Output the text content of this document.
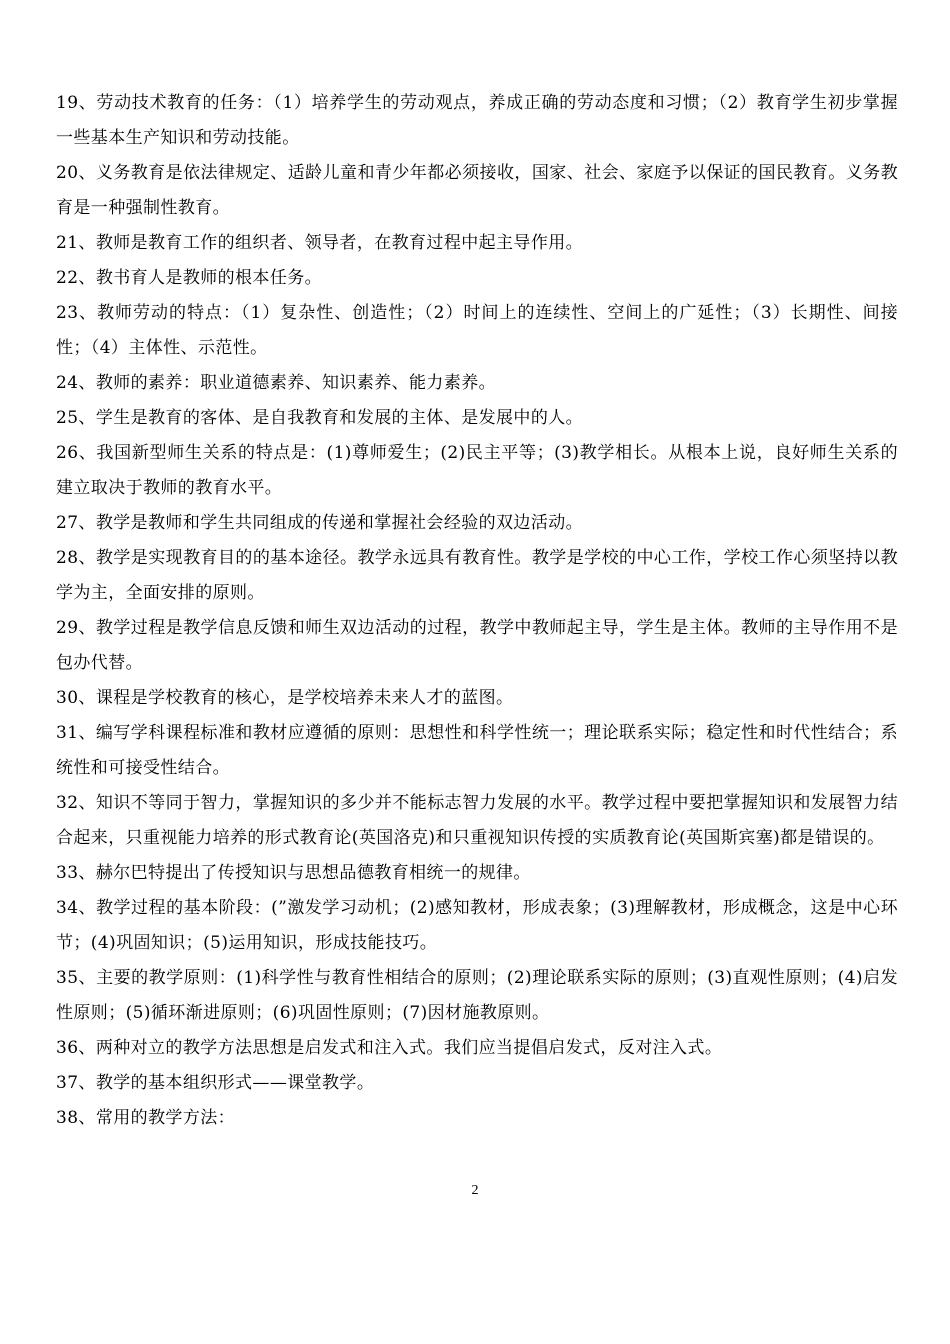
19、劳动技术教育的任务：（1）培养学生的劳动观点，养成正确的劳动态度和习惯；（2）教育学生初步掌握一些基本生产知识和劳动技能。

20、义务教育是依法律规定、适龄儿童和青少年都必须接收，国家、社会、家庭予以保证的国民教育。义务教育是一种强制性教育。

21、教师是教育工作的组织者、领导者，在教育过程中起主导作用。

22、教书育人是教师的根本任务。

23、教师劳动的特点：（1）复杂性、创造性；（2）时间上的连续性、空间上的广延性；（3）长期性、间接性；（4）主体性、示范性。

24、教师的素养：职业道德素养、知识素养、能力素养。

25、学生是教育的客体、是自我教育和发展的主体、是发展中的人。

26、我国新型师生关系的特点是：(1)尊师爱生；(2)民主平等；(3)教学相长。从根本上说，良好师生关系的建立取决于教师的教育水平。

27、教学是教师和学生共同组成的传递和掌握社会经验的双边活动。

28、教学是实现教育目的的基本途径。教学永远具有教育性。教学是学校的中心工作，学校工作心须坚持以教学为主，全面安排的原则。

29、教学过程是教学信息反馈和师生双边活动的过程，教学中教师起主导，学生是主体。教师的主导作用不是包办代替。

30、课程是学校教育的核心，是学校培养未来人才的蓝图。

31、编写学科课程标准和教材应遵循的原则：思想性和科学性统一；理论联系实际；稳定性和时代性结合；系统性和可接受性结合。

32、知识不等同于智力，掌握知识的多少并不能标志智力发展的水平。教学过程中要把掌握知识和发展智力结合起来，只重视能力培养的形式教育论(英国洛克)和只重视知识传授的实质教育论(英国斯宾塞)都是错误的。

33、赫尔巴特提出了传授知识与思想品德教育相统一的规律。

34、教学过程的基本阶段：(”激发学习动机；(2)感知教材，形成表象；(3)理解教材，形成概念，这是中心环节；(4)巩固知识；(5)运用知识，形成技能技巧。

35、主要的教学原则：(1)科学性与教育性相结合的原则；(2)理论联系实际的原则；(3)直观性原则；(4)启发性原则；(5)循环渐进原则；(6)巩固性原则；(7)因材施教原则。

36、两种对立的教学方法思想是启发式和注入式。我们应当提倡启发式，反对注入式。

37、教学的基本组织形式——课堂教学。

38、常用的教学方法：

2
